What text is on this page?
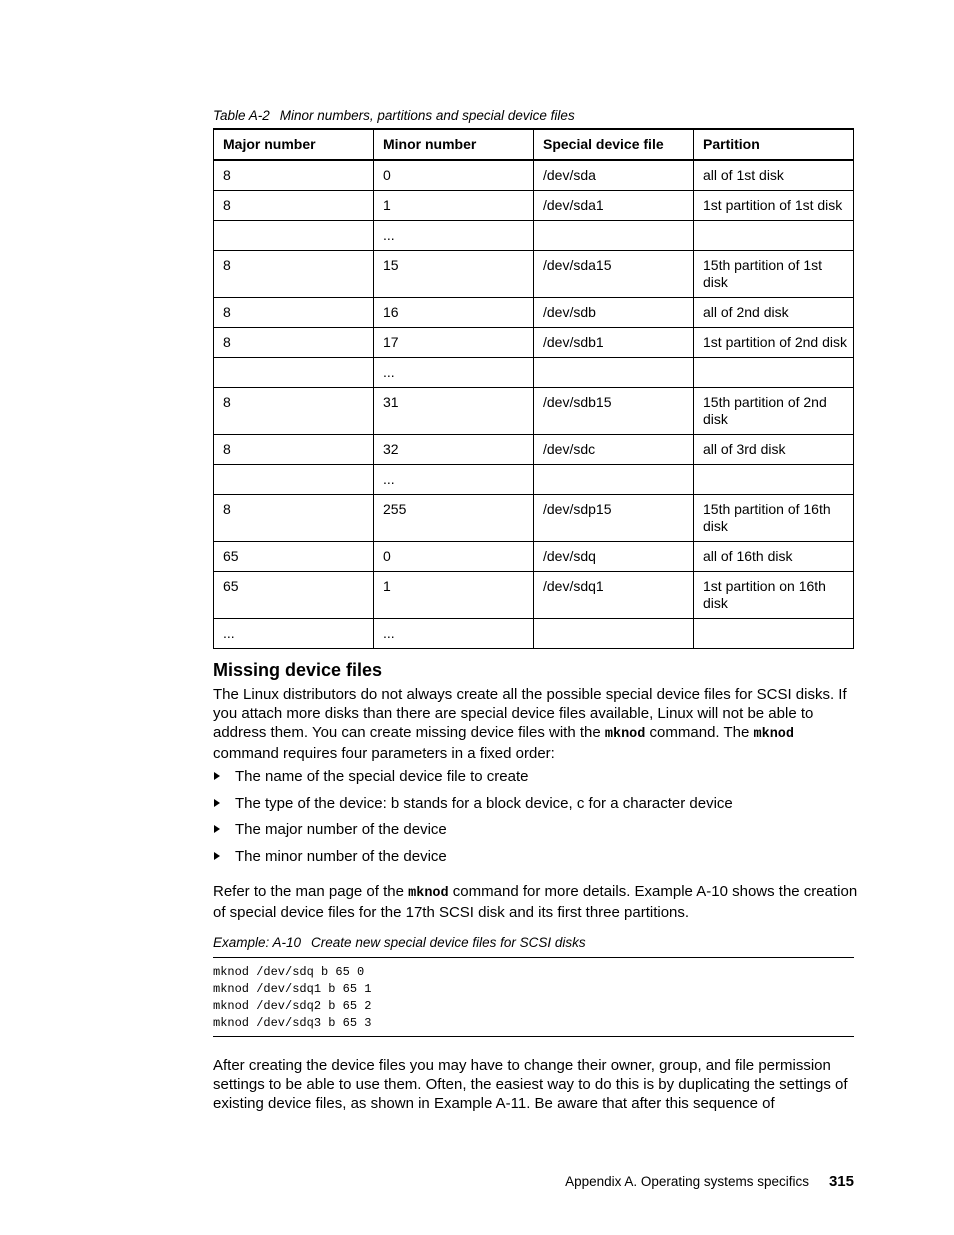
Table A-2 Minor numbers, partitions and special device files
Major number	Minor number	Special device file	Partition
8	0	/dev/sda	all of 1st disk
8	1	/dev/sda1	1st partition of 1st disk
	...		
8	15	/dev/sda15	15th partition of 1st disk
8	16	/dev/sdb	all of 2nd disk
8	17	/dev/sdb1	1st partition of 2nd disk
	...		
8	31	/dev/sdb15	15th partition of 2nd disk
8	32	/dev/sdc	all of 3rd disk
	...		
8	255	/dev/sdp15	15th partition of 16th disk
65	0	/dev/sdq	all of 16th disk
65	1	/dev/sdq1	1st partition on 16th disk
...	...		
Missing device files

The Linux distributors do not always create all the possible special device files for SCSI disks. If you attach more disks than there are special device files available, Linux will not be able to address them. You can create missing device files with the mknod command. The mknod command requires four parameters in a fixed order:

The name of the special device file to create
The type of the device: b stands for a block device, c for a character device
The major number of the device
The minor number of the device

Refer to the man page of the mknod command for more details. Example A-10 shows the creation of special device files for the 17th SCSI disk and its first three partitions.

Example: A-10 Create new special device files for SCSI disks
mknod /dev/sdq b 65 0
mknod /dev/sdq1 b 65 1
mknod /dev/sdq2 b 65 2
mknod /dev/sdq3 b 65 3

After creating the device files you may have to change their owner, group, and file permission settings to be able to use them. Often, the easiest way to do this is by duplicating the settings of existing device files, as shown in Example A-11. Be aware that after this sequence of

Appendix A. Operating systems specifics 315
